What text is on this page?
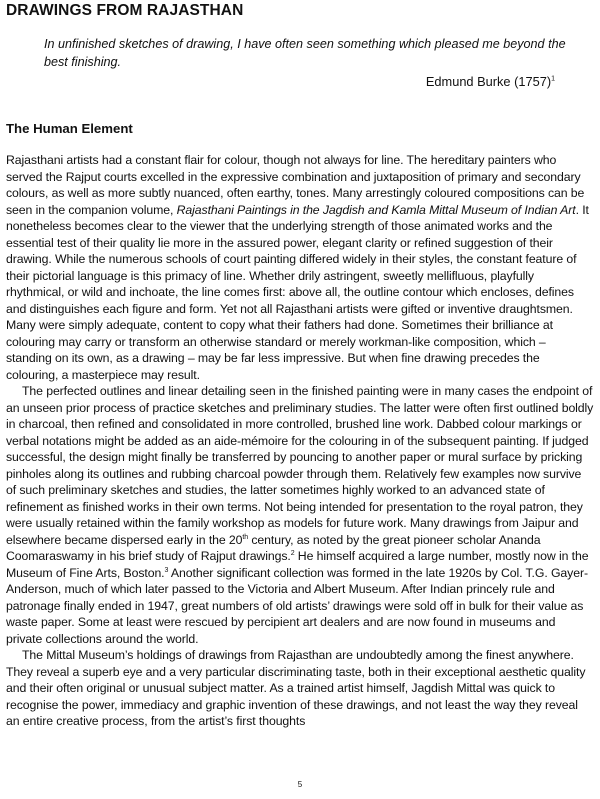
DRAWINGS FROM RAJASTHAN
In unfinished sketches of drawing, I have often seen something which pleased me beyond the best finishing.
Edmund Burke $(1757)^1$
The Human Element

Rajasthani artists had a constant flair for colour, though not always for line. The hereditary painters who served the Rajput courts excelled in the expressive combination and juxtaposition of primary and secondary colours, as well as more subtly nuanced, often earthy, tones. Many arrestingly coloured compositions can be seen in the companion volume, Rajasthani Paintings in the Jagdish and Kamla Mittal Museum of Indian Art. It nonetheless becomes clear to the viewer that the underlying strength of those animated works and the essential test of their quality lie more in the assured power, elegant clarity or refined suggestion of their drawing. While the numerous schools of court painting differed widely in their styles, the constant feature of their pictorial language is this primacy of line. Whether drily astringent, sweetly mellifluous, playfully rhythmical, or wild and inchoate, the line comes first: above all, the outline contour which encloses, defines and distinguishes each figure and form. Yet not all Rajasthani artists were gifted or inventive draughtsmen. Many were simply adequate, content to copy what their fathers had done. Sometimes their brilliance at colouring may carry or transform an otherwise standard or merely workman-like composition, which – standing on its own, as a drawing – may be far less impressive. But when fine drawing precedes the colouring, a masterpiece may result.

The perfected outlines and linear detailing seen in the finished painting were in many cases the endpoint of an unseen prior process of practice sketches and preliminary studies. The latter were often first outlined boldly in charcoal, then refined and consolidated in more controlled, brushed line work. Dabbed colour markings or verbal notations might be added as an aide-mémoire for the colouring in of the subsequent painting. If judged successful, the design might finally be transferred by pouncing to another paper or mural surface by pricking pinholes along its outlines and rubbing charcoal powder through them. Relatively few examples now survive of such preliminary sketches and studies, the latter sometimes highly worked to an advanced state of refinement as finished works in their own terms. Not being intended for presentation to the royal patron, they were usually retained within the family workshop as models for future work. Many drawings from Jaipur and elsewhere became dispersed early in the 20th century, as noted by the great pioneer scholar Ananda Coomaraswamy in his brief study of Rajput drawings.$^2$ He himself acquired a large number, mostly now in the Museum of Fine Arts, Boston.$^3$ Another significant collection was formed in the late 1920s by Col. T.G. Gayer-Anderson, much of which later passed to the Victoria and Albert Museum. After Indian princely rule and patronage finally ended in 1947, great numbers of old artists’ drawings were sold off in bulk for their value as waste paper. Some at least were rescued by percipient art dealers and are now found in museums and private collections around the world.

The Mittal Museum’s holdings of drawings from Rajasthan are undoubtedly among the finest anywhere. They reveal a superb eye and a very particular discriminating taste, both in their exceptional aesthetic quality and their often original or unusual subject matter. As a trained artist himself, Jagdish Mittal was quick to recognise the power, immediacy and graphic invention of these drawings, and not least the way they reveal an entire creative process, from the artist’s first thoughts

5
